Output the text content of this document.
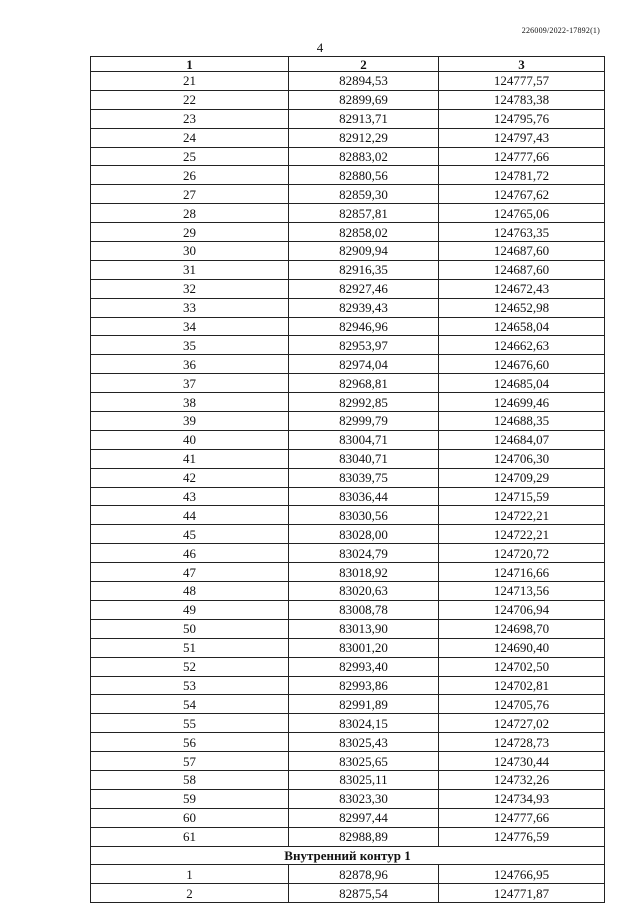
226009/2022-17892(1)
4
1	2	3
21	82894,53	124777,57
22	82899,69	124783,38
23	82913,71	124795,76
24	82912,29	124797,43
25	82883,02	124777,66
26	82880,56	124781,72
27	82859,30	124767,62
28	82857,81	124765,06
29	82858,02	124763,35
30	82909,94	124687,60
31	82916,35	124687,60
32	82927,46	124672,43
33	82939,43	124652,98
34	82946,96	124658,04
35	82953,97	124662,63
36	82974,04	124676,60
37	82968,81	124685,04
38	82992,85	124699,46
39	82999,79	124688,35
40	83004,71	124684,07
41	83040,71	124706,30
42	83039,75	124709,29
43	83036,44	124715,59
44	83030,56	124722,21
45	83028,00	124722,21
46	83024,79	124720,72
47	83018,92	124716,66
48	83020,63	124713,56
49	83008,78	124706,94
50	83013,90	124698,70
51	83001,20	124690,40
52	82993,40	124702,50
53	82993,86	124702,81
54	82991,89	124705,76
55	83024,15	124727,02
56	83025,43	124728,73
57	83025,65	124730,44
58	83025,11	124732,26
59	83023,30	124734,93
60	82997,44	124777,66
61	82988,89	124776,59
Внутренний контур 1		
1	82878,96	124766,95
2	82875,54	124771,87
